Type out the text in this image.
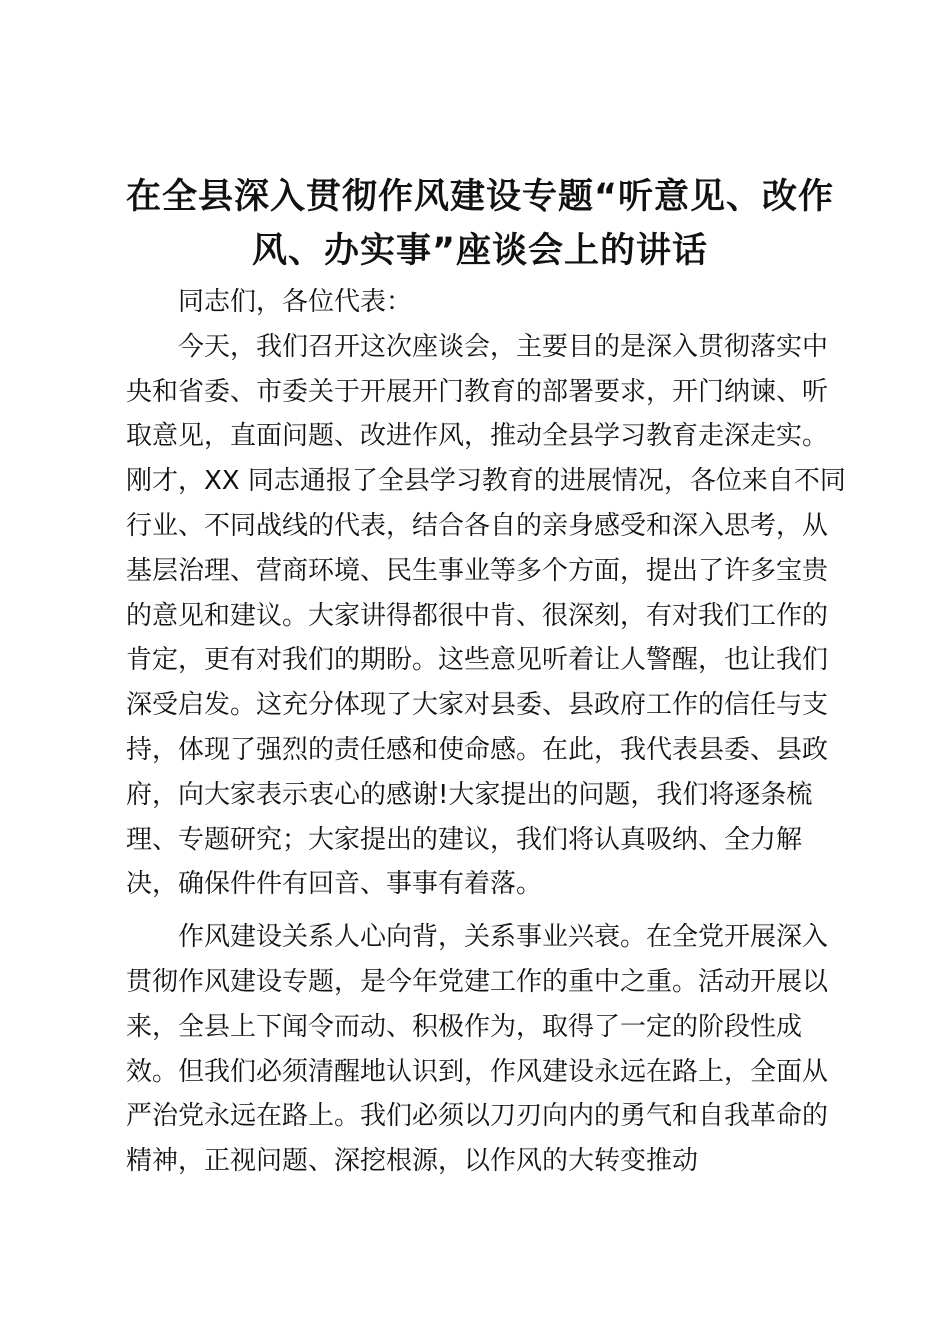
在全县深入贯彻作风建设专题“听意见、改作
风、办实事”座谈会上的讲话
同志们，各位代表：
今天，我们召开这次座谈会，主要目的是深入贯彻落实中
央和省委、市委关于开展开门教育的部署要求，开门纳谏、听
取意见，直面问题、改进作风，推动全县学习教育走深走实。
刚才，XX 同志通报了全县学习教育的进展情况，各位来自不同
行业、不同战线的代表，结合各自的亲身感受和深入思考，从
基层治理、营商环境、民生事业等多个方面，提出了许多宝贵
的意见和建议。大家讲得都很中肯、很深刻，有对我们工作的
肯定，更有对我们的期盼。这些意见听着让人警醒，也让我们
深受启发。这充分体现了大家对县委、县政府工作的信任与支
持，体现了强烈的责任感和使命感。在此，我代表县委、县政
府，向大家表示衷心的感谢!大家提出的问题，我们将逐条梳
理、专题研究；大家提出的建议，我们将认真吸纳、全力解
决，确保件件有回音、事事有着落。
作风建设关系人心向背，关系事业兴衰。在全党开展深入
贯彻作风建设专题，是今年党建工作的重中之重。活动开展以
来，全县上下闻令而动、积极作为，取得了一定的阶段性成
效。但我们必须清醒地认识到，作风建设永远在路上，全面从
严治党永远在路上。我们必须以刀刃向内的勇气和自我革命的
精神，正视问题、深挖根源，以作风的大转变推动
